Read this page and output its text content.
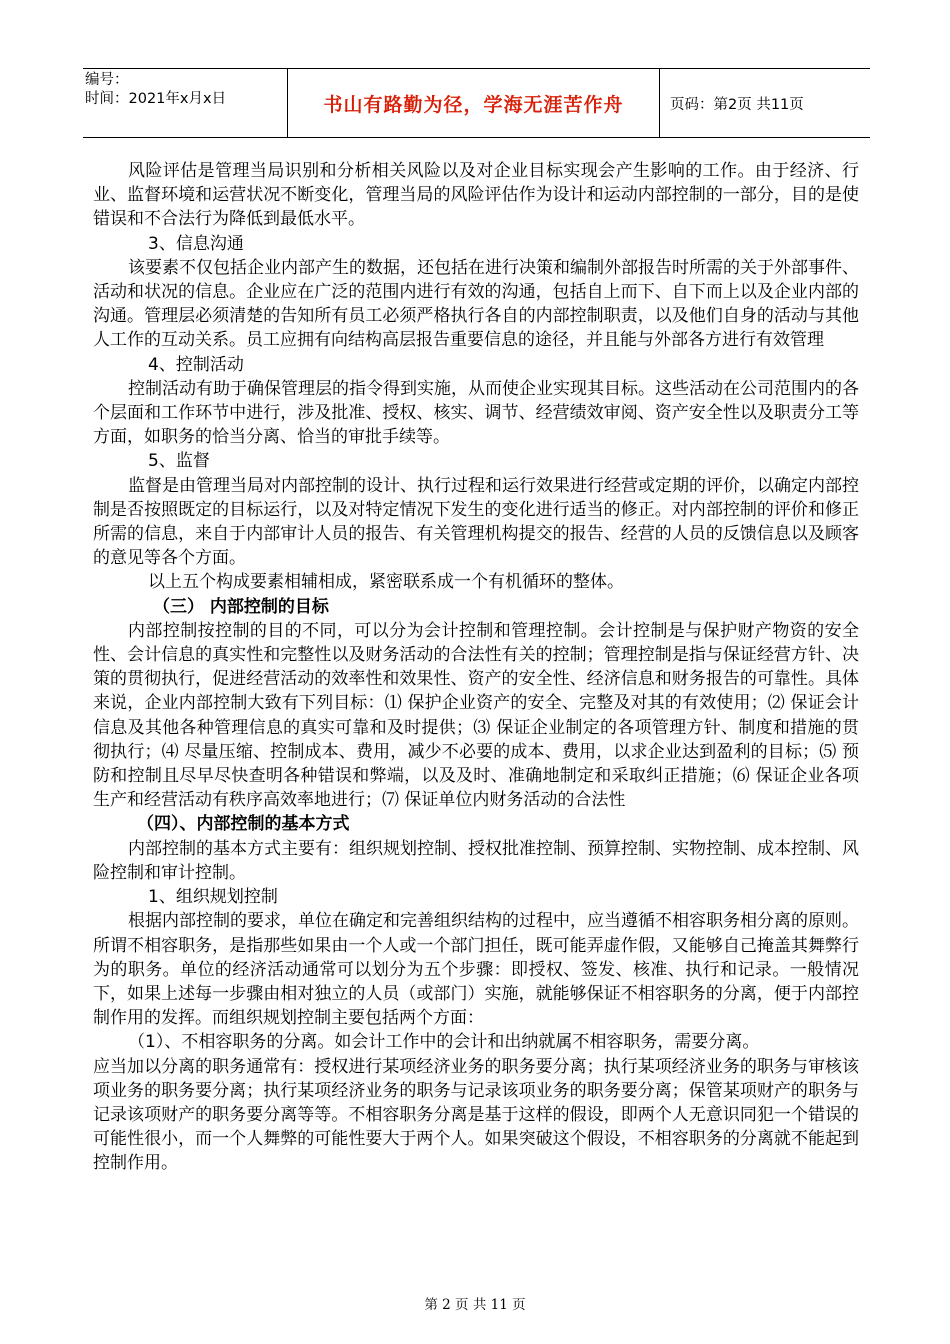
编号：
时间：2021年x月x日	书山有路勤为径，学海无涯苦作舟	页码：第2页 共11页

风险评估是管理当局识别和分析相关风险以及对企业目标实现会产生影响的工作。由于经济、行业、监督环境和运营状况不断变化，管理当局的风险评估作为设计和运动内部控制的一部分，目的是使错误和不合法行为降低到最低水平。

3、信息沟通

该要素不仅包括企业内部产生的数据，还包括在进行决策和编制外部报告时所需的关于外部事件、活动和状况的信息。企业应在广泛的范围内进行有效的沟通，包括自上而下、自下而上以及企业内部的沟通。管理层必须清楚的告知所有员工必须严格执行各自的内部控制职责，以及他们自身的活动与其他人工作的互动关系。员工应拥有向结构高层报告重要信息的途径，并且能与外部各方进行有效管理

4、控制活动

控制活动有助于确保管理层的指令得到实施，从而使企业实现其目标。这些活动在公司范围内的各个层面和工作环节中进行，涉及批准、授权、核实、调节、经营绩效审阅、资产安全性以及职责分工等方面，如职务的恰当分离、恰当的审批手续等。

5、监督

监督是由管理当局对内部控制的设计、执行过程和运行效果进行经营或定期的评价，以确定内部控制是否按照既定的目标运行，以及对特定情况下发生的变化进行适当的修正。对内部控制的评价和修正所需的信息，来自于内部审计人员的报告、有关管理机构提交的报告、经营的人员的反馈信息以及顾客的意见等各个方面。

以上五个构成要素相辅相成，紧密联系成一个有机循环的整体。

（三） 内部控制的目标

内部控制按控制的目的不同，可以分为会计控制和管理控制。会计控制是与保护财产物资的安全性、会计信息的真实性和完整性以及财务活动的合法性有关的控制；管理控制是指与保证经营方针、决策的贯彻执行，促进经营活动的效率性和效果性、资产的安全性、经济信息和财务报告的可靠性。具体来说，企业内部控制大致有下列目标：⑴ 保护企业资产的安全、完整及对其的有效使用；⑵ 保证会计信息及其他各种管理信息的真实可靠和及时提供；⑶ 保证企业制定的各项管理方针、制度和措施的贯彻执行；⑷ 尽量压缩、控制成本、费用，减少不必要的成本、费用，以求企业达到盈利的目标；⑸ 预防和控制且尽早尽快查明各种错误和弊端，以及及时、准确地制定和采取纠正措施；⑹ 保证企业各项生产和经营活动有秩序高效率地进行；⑺ 保证单位内财务活动的合法性

（四）、内部控制的基本方式

内部控制的基本方式主要有：组织规划控制、授权批准控制、预算控制、实物控制、成本控制、风险控制和审计控制。

1、组织规划控制

根据内部控制的要求，单位在确定和完善组织结构的过程中，应当遵循不相容职务相分离的原则。所谓不相容职务，是指那些如果由一个人或一个部门担任，既可能弄虚作假，又能够自己掩盖其舞弊行为的职务。单位的经济活动通常可以划分为五个步骤：即授权、签发、核准、执行和记录。一般情况下，如果上述每一步骤由相对独立的人员（或部门）实施，就能够保证不相容职务的分离，便于内部控制作用的发挥。而组织规划控制主要包括两个方面：

（1）、不相容职务的分离。如会计工作中的会计和出纳就属不相容职务，需要分离。

应当加以分离的职务通常有：授权进行某项经济业务的职务要分离；执行某项经济业务的职务与审核该项业务的职务要分离；执行某项经济业务的职务与记录该项业务的职务要分离；保管某项财产的职务与记录该项财产的职务要分离等等。不相容职务分离是基于这样的假设，即两个人无意识同犯一个错误的可能性很小，而一个人舞弊的可能性要大于两个人。如果突破这个假设，不相容职务的分离就不能起到控制作用。

第 2 页 共 11 页
